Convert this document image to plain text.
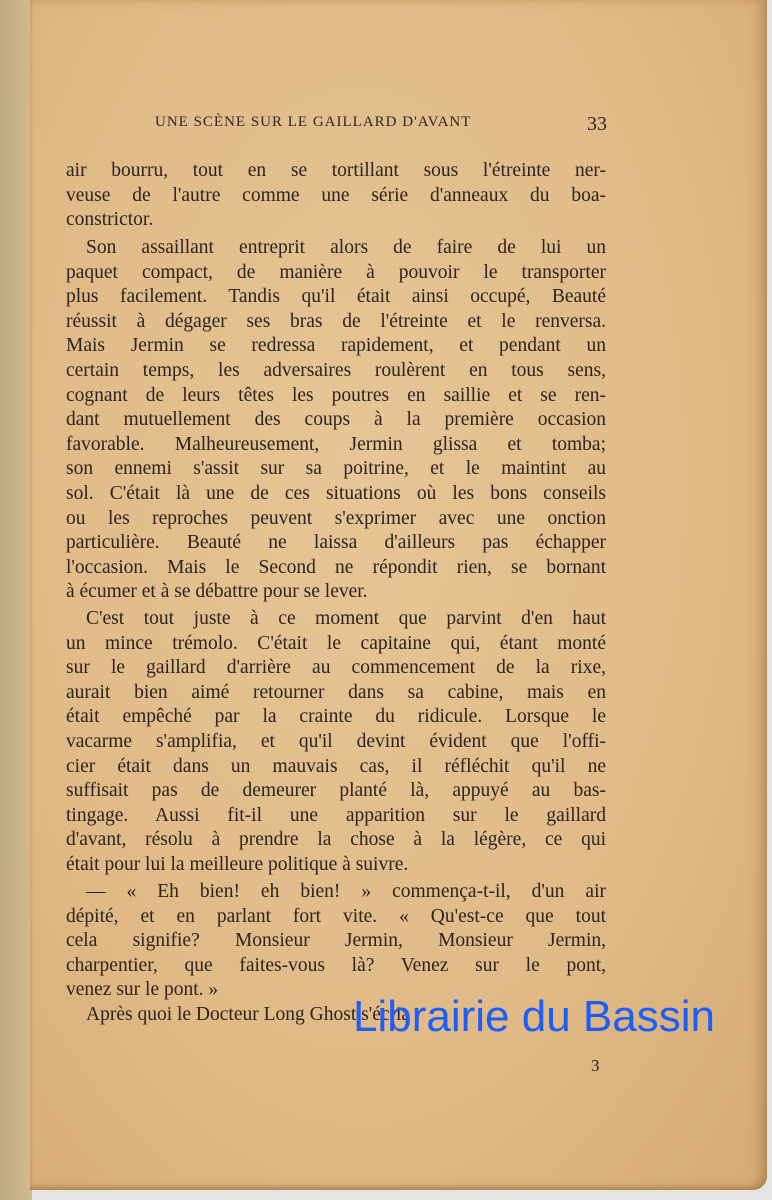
UNE SCÈNE SUR LE GAILLARD D'AVANT	33
air bourru, tout en se tortillant sous l'étreinte ner-
veuse de l'autre comme une série d'anneaux du boa-
constrictor.
Son assaillant entreprit alors de faire de lui un
paquet compact, de manière à pouvoir le transporter
plus facilement. Tandis qu'il était ainsi occupé, Beauté
réussit à dégager ses bras de l'étreinte et le renversa.
Mais Jermin se redressa rapidement, et pendant un
certain temps, les adversaires roulèrent en tous sens,
cognant de leurs têtes les poutres en saillie et se ren-
dant mutuellement des coups à la première occasion
favorable. Malheureusement, Jermin glissa et tomba;
son ennemi s'assit sur sa poitrine, et le maintint au
sol. C'était là une de ces situations où les bons conseils
ou les reproches peuvent s'exprimer avec une onction
particulière. Beauté ne laissa d'ailleurs pas échapper
l'occasion. Mais le Second ne répondit rien, se bornant
à écumer et à se débattre pour se lever.
C'est tout juste à ce moment que parvint d'en haut
un mince trémolo. C'était le capitaine qui, étant monté
sur le gaillard d'arrière au commencement de la rixe,
aurait bien aimé retourner dans sa cabine, mais en
était empêché par la crainte du ridicule. Lorsque le
vacarme s'amplifia, et qu'il devint évident que l'offi-
cier était dans un mauvais cas, il réfléchit qu'il ne
suffisait pas de demeurer planté là, appuyé au bas-
tingage. Aussi fit-il une apparition sur le gaillard
d'avant, résolu à prendre la chose à la légère, ce qui
était pour lui la meilleure politique à suivre.
— « Eh bien! eh bien! » commença-t-il, d'un air
dépité, et en parlant fort vite. « Qu'est-ce que tout
cela signifie? Monsieur Jermin, Monsieur Jermin,
charpentier, que faites-vous là? Venez sur le pont,
venez sur le pont. »
Après quoi le Docteur Long Ghost s'écria :
3
Librairie du Bassin
